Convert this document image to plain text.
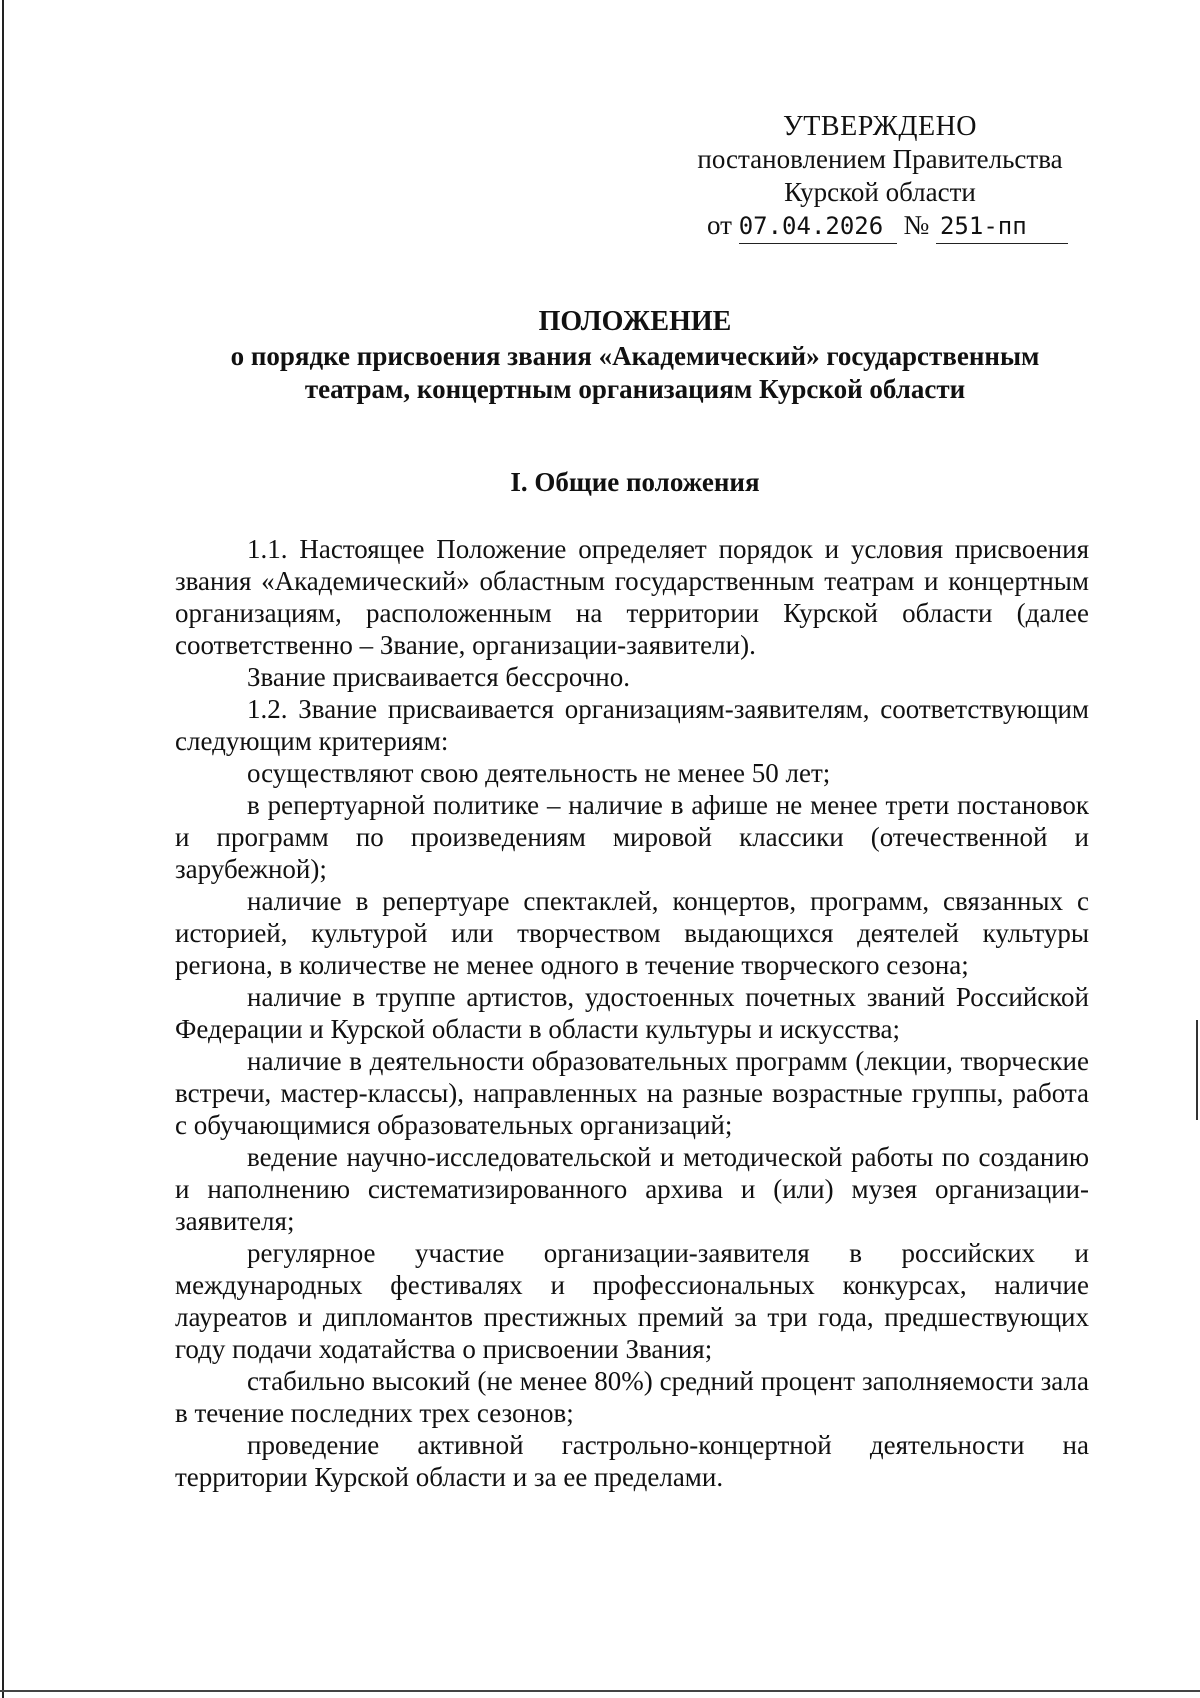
УТВЕРЖДЕНО
постановлением Правительства
Курской области
от 07.04.2026 № 251-пп
ПОЛОЖЕНИЕ
о порядке присвоения звания «Академический» государственным
театрам, концертным организациям Курской области
I. Общие положения

1.1. Настоящее Положение определяет порядок и условия присвоения звания «Академический» областным государственным театрам и концертным организациям, расположенным на территории Курской области (далее соответственно – Звание, организации-заявители).

Звание присваивается бессрочно.

1.2. Звание присваивается организациям-заявителям, соответствующим следующим критериям:

осуществляют свою деятельность не менее 50 лет;

в репертуарной политике – наличие в афише не менее трети постановок и программ по произведениям мировой классики (отечественной и зарубежной);

наличие в репертуаре спектаклей, концертов, программ, связанных с историей, культурой или творчеством выдающихся деятелей культуры региона, в количестве не менее одного в течение творческого сезона;

наличие в труппе артистов, удостоенных почетных званий Российской Федерации и Курской области в области культуры и искусства;

наличие в деятельности образовательных программ (лекции, творческие встречи, мастер-классы), направленных на разные возрастные группы, работа с обучающимися образовательных организаций;

ведение научно-исследовательской и методической работы по созданию и наполнению систематизированного архива и (или) музея организации-заявителя;

регулярное участие организации-заявителя в российских и международных фестивалях и профессиональных конкурсах, наличие лауреатов и дипломантов престижных премий за три года, предшествующих году подачи ходатайства о присвоении Звания;

стабильно высокий (не менее 80%) средний процент заполняемости зала в течение последних трех сезонов;

проведение активной гастрольно-концертной деятельности на территории Курской области и за ее пределами.
